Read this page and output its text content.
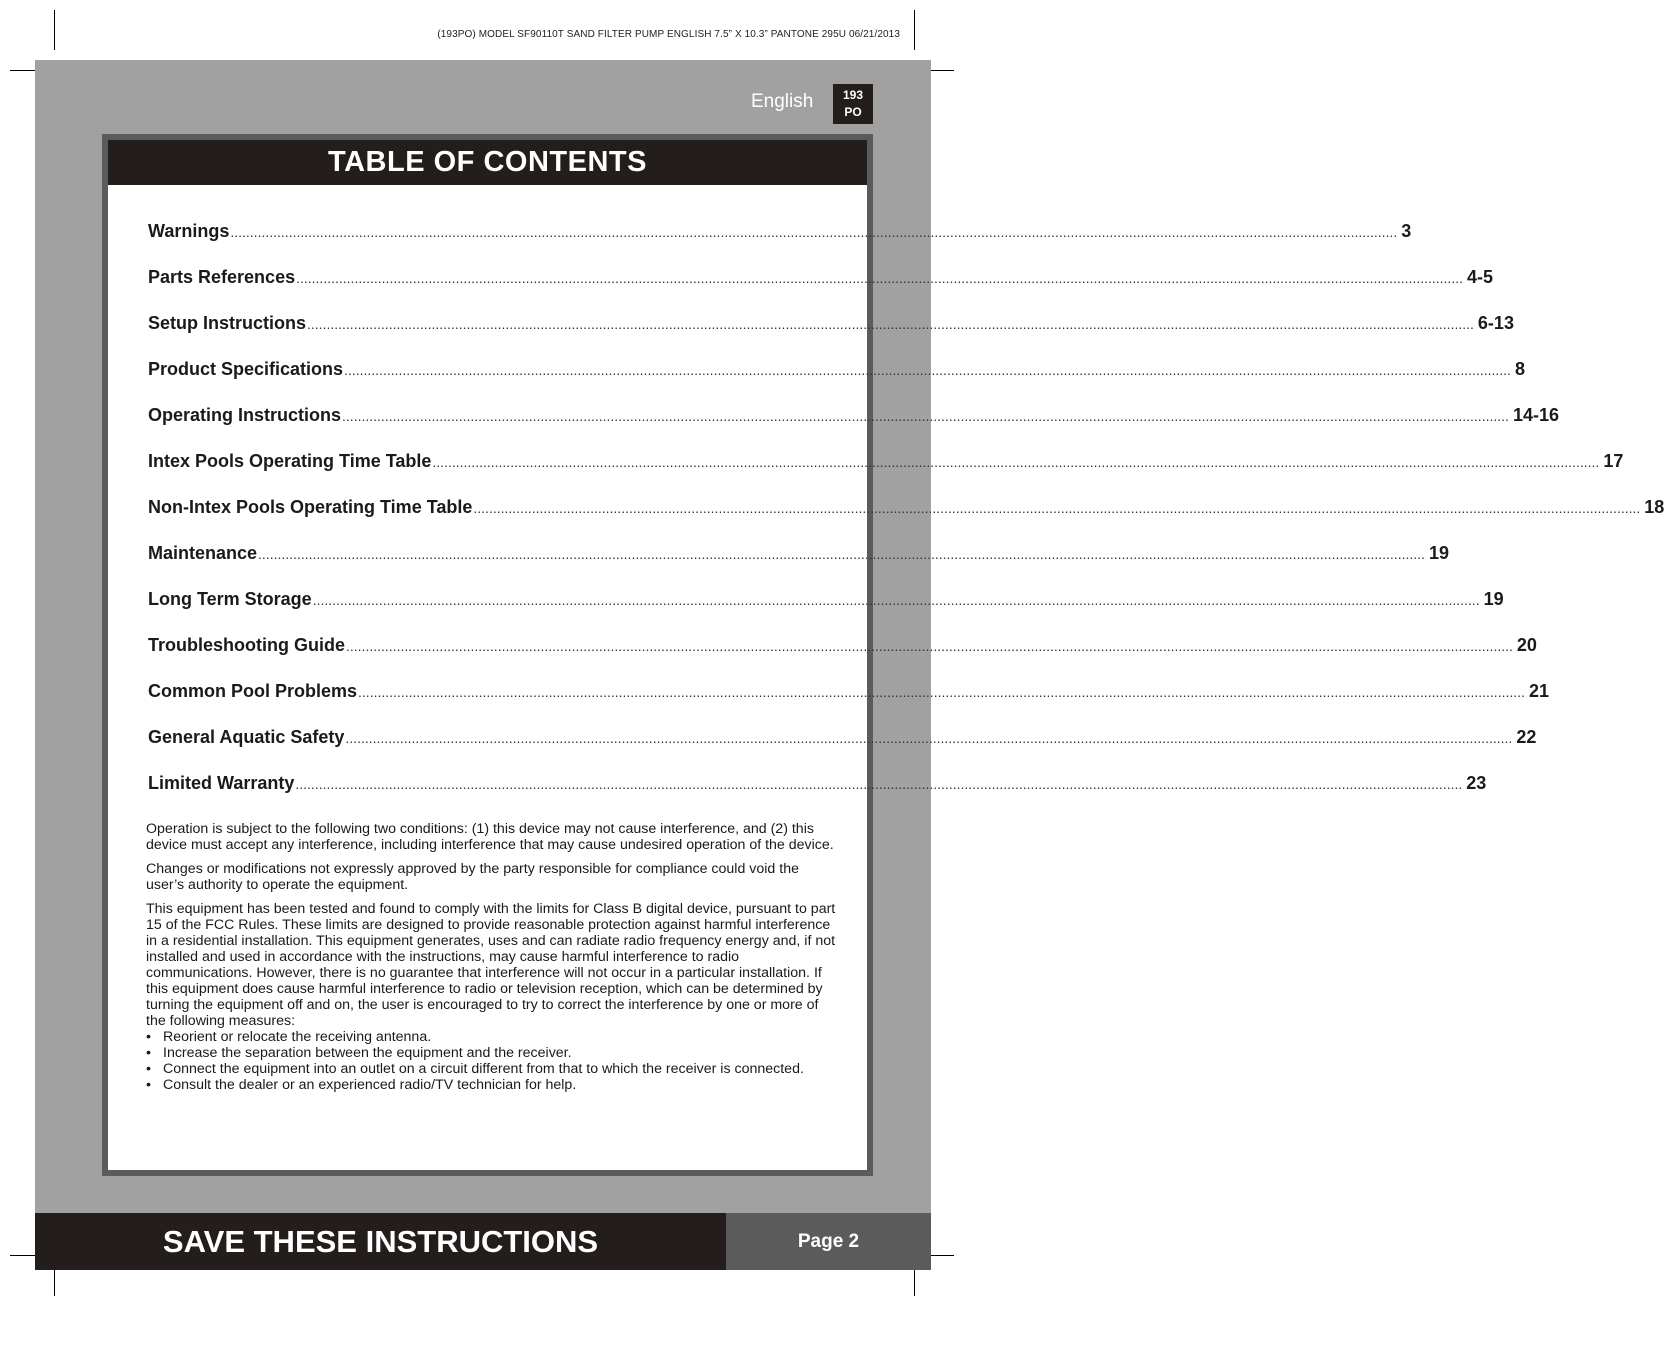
(193PO) MODEL SF90110T SAND FILTER PUMP ENGLISH 7.5” X 10.3” PANTONE 295U 06/21/2013
English 193
PO
TABLE OF CONTENTS
Warnings ............................................................................................................................................................................................................................................................................................................ 3
Parts References ............................................................................................................................................................................................................................................................................................................ 4-5
Setup Instructions ............................................................................................................................................................................................................................................................................................................ 6-13
Product Specifications ............................................................................................................................................................................................................................................................................................................ 8
Operating Instructions ............................................................................................................................................................................................................................................................................................................ 14-16
Intex Pools Operating Time Table ............................................................................................................................................................................................................................................................................................................ 17
Non-Intex Pools Operating Time Table ............................................................................................................................................................................................................................................................................................................ 18
Maintenance ............................................................................................................................................................................................................................................................................................................ 19
Long Term Storage ............................................................................................................................................................................................................................................................................................................ 19
Troubleshooting Guide ............................................................................................................................................................................................................................................................................................................ 20
Common Pool Problems ............................................................................................................................................................................................................................................................................................................ 21
General Aquatic Safety ............................................................................................................................................................................................................................................................................................................ 22
Limited Warranty ............................................................................................................................................................................................................................................................................................................ 23

Operation is subject to the following two conditions: (1) this device may not cause interference, and (2) this device must accept any interference, including interference that may cause undesired operation of the device.

Changes or modifications not expressly approved by the party responsible for compliance could void the user’s authority to operate the equipment.

This equipment has been tested and found to comply with the limits for Class B digital device, pursuant to part 15 of the FCC Rules. These limits are designed to provide reasonable protection against harmful interference in a residential installation. This equipment generates, uses and can radiate radio frequency energy and, if not installed and used in accordance with the instructions, may cause harmful interference to radio communications. However, there is no guarantee that interference will not occur in a particular installation. If this equipment does cause harmful interference to radio or television reception, which can be determined by turning the equipment off and on, the user is encouraged to try to correct the interference by one or more of the following measures:

• Reorient or relocate the receiving antenna.
• Increase the separation between the equipment and the receiver.
• Connect the equipment into an outlet on a circuit different from that to which the receiver is connected.
• Consult the dealer or an experienced radio/TV technician for help.
SAVE THESE INSTRUCTIONS	Page 2
